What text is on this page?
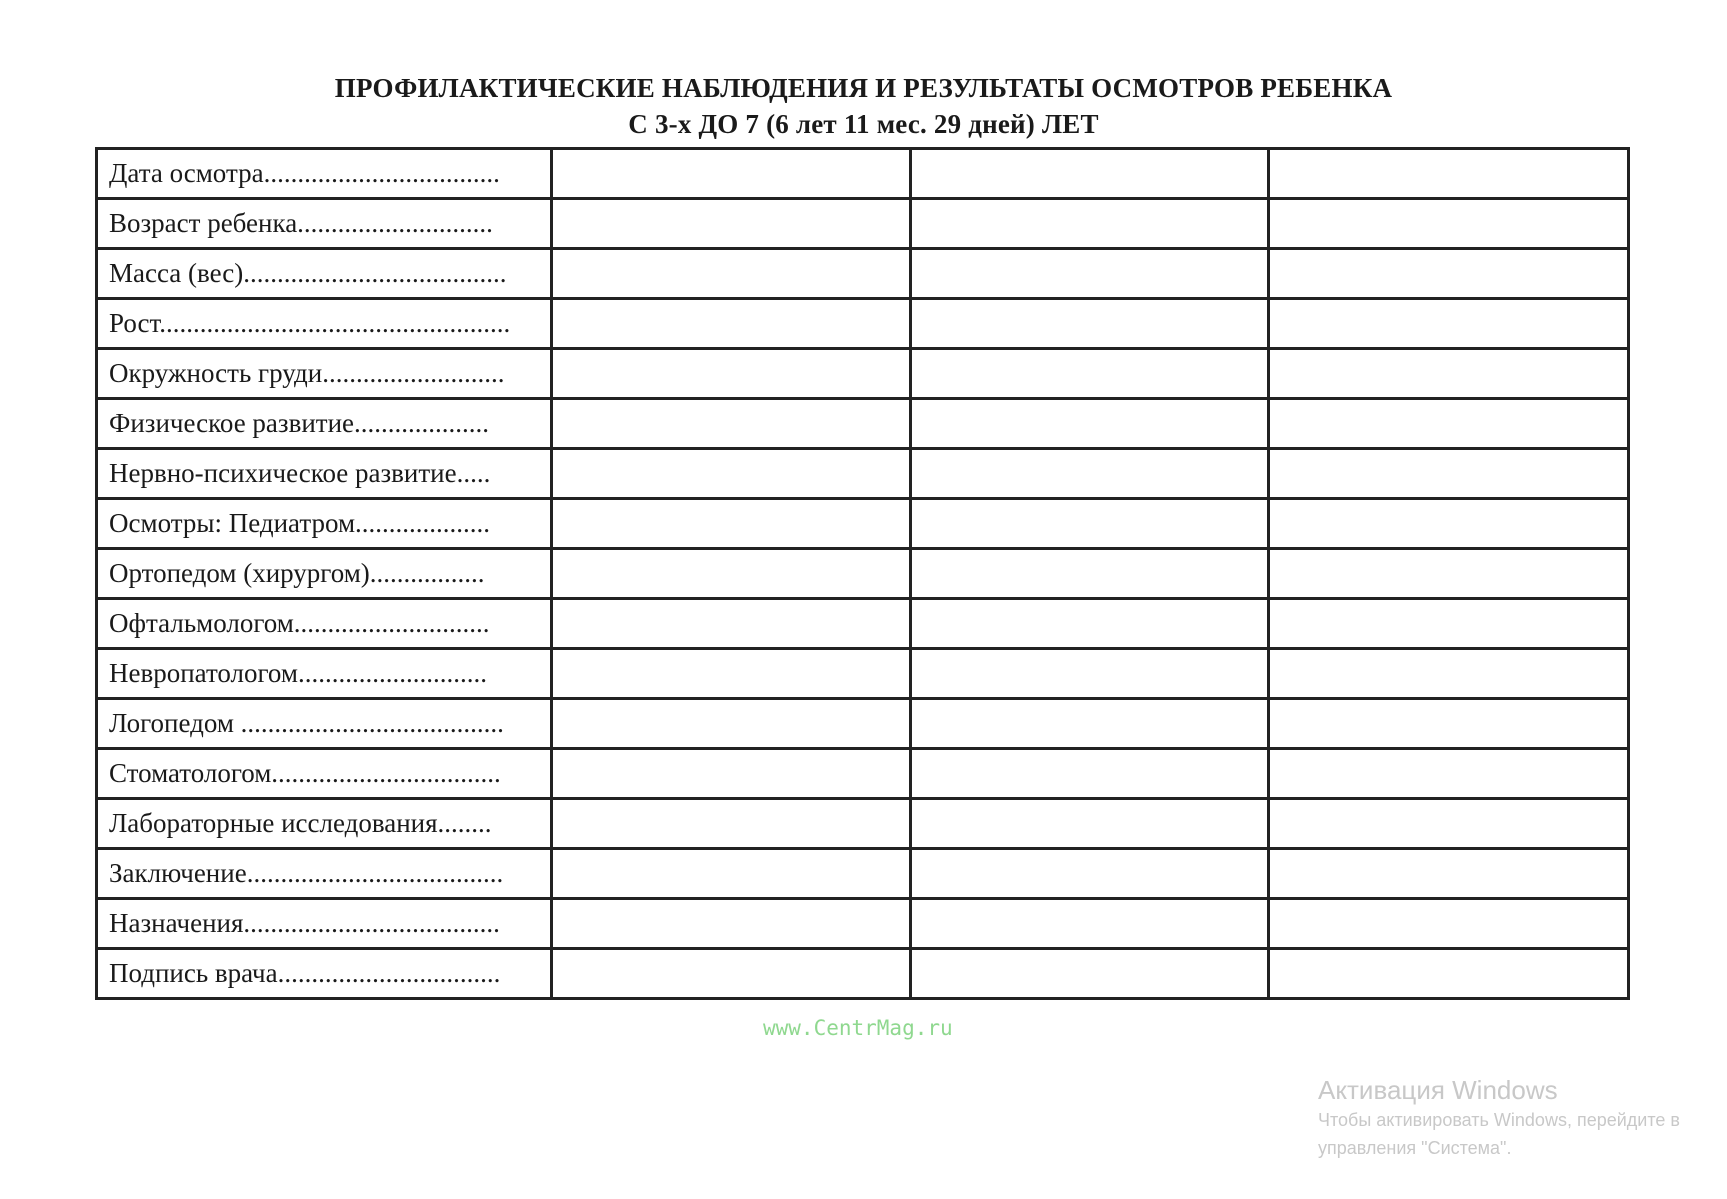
ПРОФИЛАКТИЧЕСКИЕ НАБЛЮДЕНИЯ И РЕЗУЛЬТАТЫ ОСМОТРОВ РЕБЕНКА
С 3-х ДО 7 (6 лет 11 мес. 29 дней) ЛЕТ
Дата осмотра...................................			
Возраст ребенка.............................			
Масса (вес).......................................			
Рост....................................................			
Окружность груди...........................			
Физическое развитие....................			
Нервно-психическое развитие.....			
Осмотры: Педиатром....................			
Ортопедом (хирургом).................			
Офтальмологом.............................			
Невропатологом............................			
Логопедом .......................................			
Стоматологом..................................			
Лабораторные исследования........			
Заключение......................................			
Назначения......................................			
Подпись врача.................................			
www.CentrMag.ru
Активация Windows
Чтобы активировать Windows, перейдите в
управления "Система".
